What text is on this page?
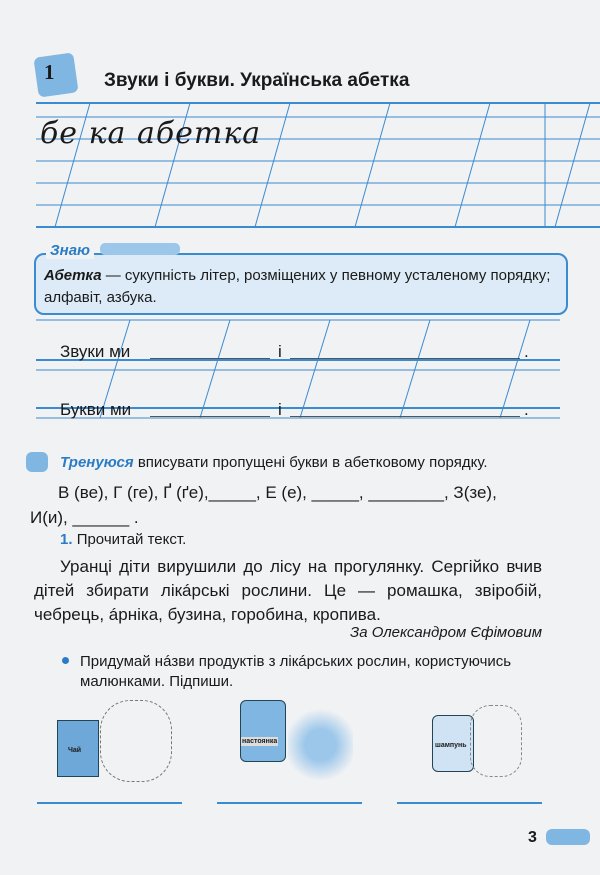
1	Звуки і букви. Українська абетка
бе ка абетка
Знаю
Абетка — сукупність літер, розміщених у певному усталеному порядку; алфавіт, азбука.
Звуки ми	і	.
Букви ми	і	.
Тренуюся вписувати пропущені букви в абетковому порядку.
В (ве), Г (ге), Ґ (ґе),_____, Е (е), _____, ________, З(зе),
И(и), ______ .
1. Прочитай текст.
Уранці діти вирушили до лісу на прогулянку. Сергійко вчив дітей збирати лікáрські рослини. Це — ромашка, звіробій, чебрець, áрніка, бузина, горобина, кропива.
За Олександром Єфімовим
Придумай нáзви продуктів з лікáрських рослин, користуючись малюнками. Підпиши.
Чай
настоянка
шампунь
3
